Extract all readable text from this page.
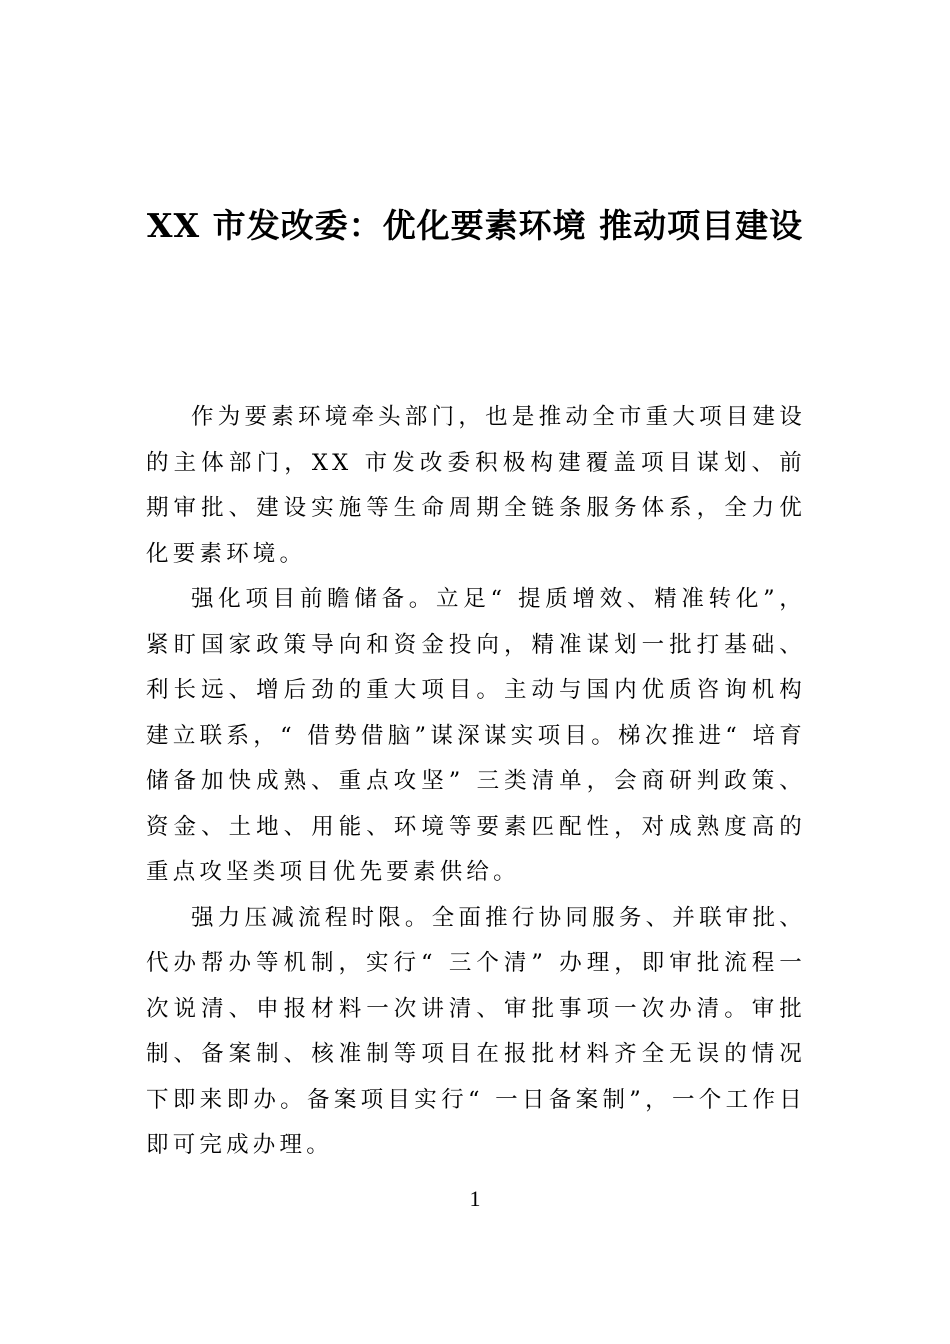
XX 市发改委：优化要素环境 推动项目建设

作为要素环境牵头部门，也是推动全市重大项目建设的主体部门，XX 市发改委积极构建覆盖项目谋划、前期审批、建设实施等生命周期全链条服务体系，全力优化要素环境。

强化项目前瞻储备。立足“ 提质增效、精准转化”，紧盯国家政策导向和资金投向，精准谋划一批打基础、利长远、增后劲的重大项目。主动与国内优质咨询机构建立联系，“ 借势借脑”谋深谋实项目。梯次推进“ 培育储备加快成熟、重点攻坚” 三类清单，会商研判政策、资金、土地、用能、环境等要素匹配性，对成熟度高的重点攻坚类项目优先要素供给。

强力压减流程时限。全面推行协同服务、并联审批、代办帮办等机制，实行“ 三个清” 办理，即审批流程一次说清、申报材料一次讲清、审批事项一次办清。审批制、备案制、核准制等项目在报批材料齐全无误的情况下即来即办。备案项目实行“ 一日备案制”，一个工作日即可完成办理。

1
